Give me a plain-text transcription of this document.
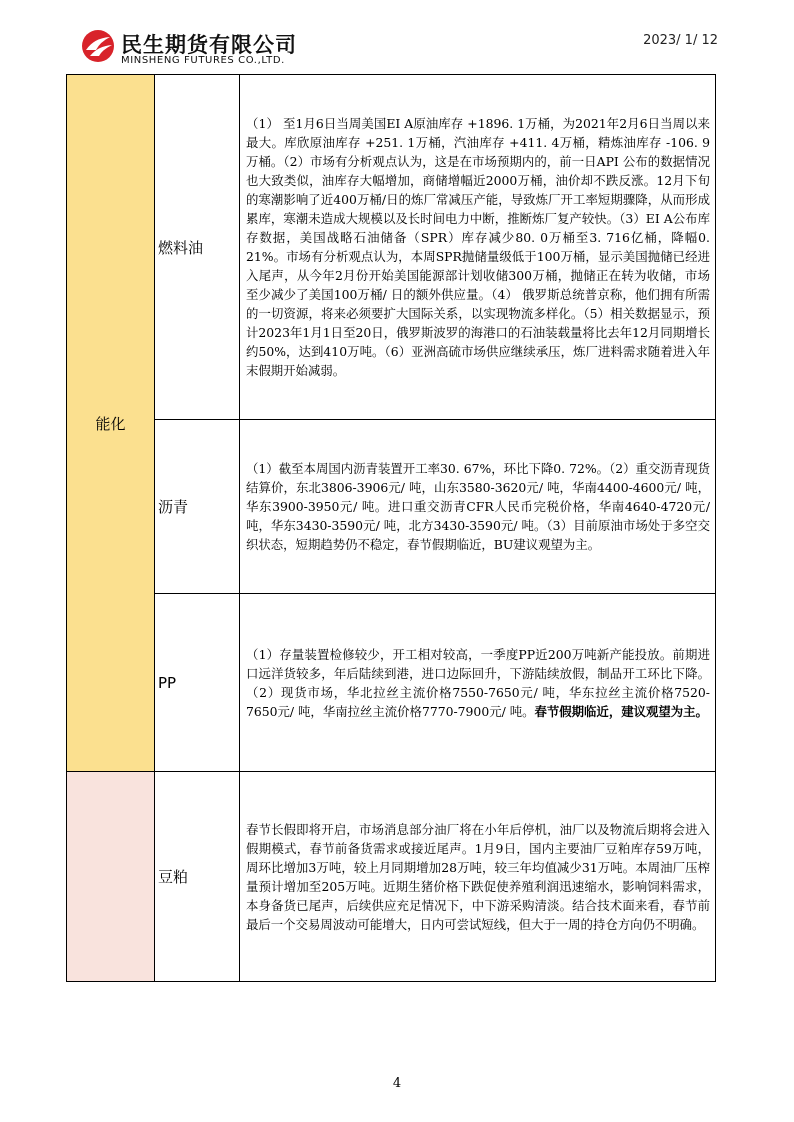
民生期货有限公司
MINSHENG FUTURES CO.,LTD.
2023/ 1/ 12
能化
燃料油

（1） 至1月6日当周美国EI A原油库存 +1896. 1万桶，为2021年2月6日当周以来最大。库欣原油库存 +251. 1万桶，汽油库存 +411. 4万桶，精炼油库存 -106. 9万桶。（2）市场有分析观点认为，这是在市场预期内的，前一日API 公布的数据情况也大致类似，油库存大幅增加，商储增幅近2000万桶，油价却不跌反涨。12月下旬的寒潮影响了近400万桶/日的炼厂常减压产能，导致炼厂开工率短期骤降，从而形成累库，寒潮未造成大规模以及长时间电力中断，推断炼厂复产较快。（3）EI A公布库存数据，美国战略石油储备（SPR）库存减少80. 0万桶至3. 716亿桶，降幅0. 21%。市场有分析观点认为，本周SPR抛储量级低于100万桶，显示美国抛储已经进入尾声，从今年2月份开始美国能源部计划收储300万桶，抛储正在转为收储，市场至少减少了美国100万桶/ 日的额外供应量。（4） 俄罗斯总统普京称，他们拥有所需的一切资源，将来必须要扩大国际关系，以实现物流多样化。（5）相关数据显示，预计2023年1月1日至20日，俄罗斯波罗的海港口的石油装载量将比去年12月同期增长约50%，达到410万吨。（6）亚洲高硫市场供应继续承压，炼厂进料需求随着进入年末假期开始减弱。

沥青

（1）截至本周国内沥青装置开工率30. 67%，环比下降0. 72%。（2）重交沥青现货结算价，东北3806-3906元/ 吨，山东3580-3620元/ 吨，华南4400-4600元/ 吨，华东3900-3950元/ 吨。进口重交沥青CFR人民币完税价格，华南4640-4720元/ 吨，华东3430-3590元/ 吨，北方3430-3590元/ 吨。（3）目前原油市场处于多空交织状态，短期趋势仍不稳定，春节假期临近，BU建议观望为主。

PP

（1）存量装置检修较少，开工相对较高，一季度PP近200万吨新产能投放。前期进口远洋货较多，年后陆续到港，进口边际回升，下游陆续放假，制品开工环比下降。（2）现货市场，华北拉丝主流价格7550-7650元/ 吨，华东拉丝主流价格7520-7650元/ 吨，华南拉丝主流价格7770-7900元/ 吨。春节假期临近，建议观望为主。

豆粕

春节长假即将开启，市场消息部分油厂将在小年后停机，油厂以及物流后期将会进入假期模式，春节前备货需求或接近尾声。1月9日，国内主要油厂豆粕库存59万吨，周环比增加3万吨，较上月同期增加28万吨，较三年均值减少31万吨。本周油厂压榨量预计增加至205万吨。近期生猪价格下跌促使养殖利润迅速缩水，影响饲料需求，本身备货已尾声，后续供应充足情况下，中下游采购清淡。结合技术面来看，春节前最后一个交易周波动可能增大，日内可尝试短线，但大于一周的持仓方向仍不明确。

4
